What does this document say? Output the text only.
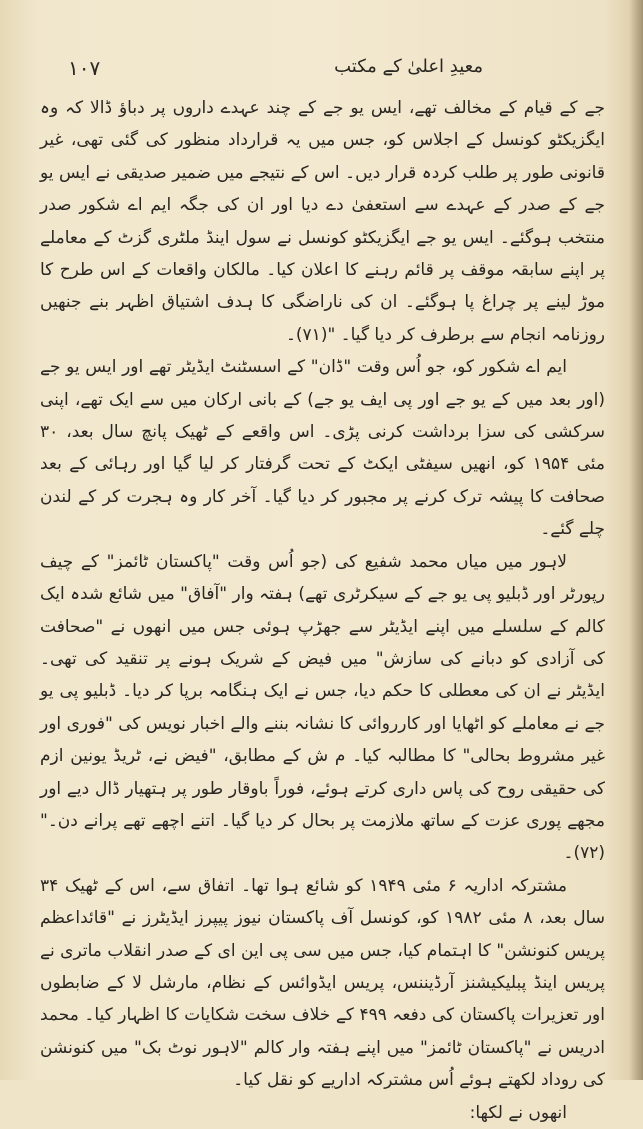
۱۰۷	معیدِ اعلیٰ کے مکتب

جے کے قیام کے مخالف تھے، ایس یو جے کے چند عہدے داروں پر دباؤ ڈالا کہ وہ ایگزیکٹو کونسل کے اجلاس کو، جس میں یہ قرارداد منظور کی گئی تھی، غیر قانونی طور پر طلب کردہ قرار دیں۔ اس کے نتیجے میں ضمیر صدیقی نے ایس یو جے کے صدر کے عہدے سے استعفیٰ دے دیا اور ان کی جگہ ایم اے شکور صدر منتخب ہوگئے۔ ایس یو جے ایگزیکٹو کونسل نے سول اینڈ ملٹری گزٹ کے معاملے پر اپنے سابقہ موقف پر قائم رہنے کا اعلان کیا۔ مالکان واقعات کے اس طرح کا موڑ لینے پر چراغ پا ہوگئے۔ ان کی ناراضگی کا ہدف اشتیاق اظہر بنے جنھیں روزنامہ انجام سے برطرف کر دیا گیا۔ "(۷۱)۔

ایم اے شکور کو، جو اُس وقت "ڈان" کے اسسٹنٹ ایڈیٹر تھے اور ایس یو جے (اور بعد میں کے یو جے اور پی ایف یو جے) کے بانی ارکان میں سے ایک تھے، اپنی سرکشی کی سزا برداشت کرنی پڑی۔ اس واقعے کے ٹھیک پانچ سال بعد، ۳۰ مئی ۱۹۵۴ کو، انھیں سیفٹی ایکٹ کے تحت گرفتار کر لیا گیا اور رہائی کے بعد صحافت کا پیشہ ترک کرنے پر مجبور کر دیا گیا۔ آخر کار وہ ہجرت کر کے لندن چلے گئے۔

لاہور میں میاں محمد شفیع کی (جو اُس وقت "پاکستان ٹائمز" کے چیف رپورٹر اور ڈبلیو پی یو جے کے سیکرٹری تھے) ہفتہ وار "آفاق" میں شائع شدہ ایک کالم کے سلسلے میں اپنے ایڈیٹر سے جھڑپ ہوئی جس میں انھوں نے "صحافت کی آزادی کو دبانے کی سازش" میں فیض کے شریک ہونے پر تنقید کی تھی۔ ایڈیٹر نے ان کی معطلی کا حکم دیا، جس نے ایک ہنگامہ برپا کر دیا۔ ڈبلیو پی یو جے نے معاملے کو اٹھایا اور کارروائی کا نشانہ بننے والے اخبار نویس کی "فوری اور غیر مشروط بحالی" کا مطالبہ کیا۔ م ش کے مطابق، "فیض نے، ٹریڈ یونین ازم کی حقیقی روح کی پاس داری کرتے ہوئے، فوراً باوقار طور پر ہتھیار ڈال دیے اور مجھے پوری عزت کے ساتھ ملازمت پر بحال کر دیا گیا۔ اتنے اچھے تھے پرانے دن۔" (۷۲)۔

مشترکہ اداریہ ۶ مئی ۱۹۴۹ کو شائع ہوا تھا۔ اتفاق سے، اس کے ٹھیک ۳۴ سال بعد، ۸ مئی ۱۹۸۲ کو، کونسل آف پاکستان نیوز پیپرز ایڈیٹرز نے "قائداعظم پریس کنونشن" کا اہتمام کیا، جس میں سی پی این ای کے صدر انقلاب ماتری نے پریس اینڈ پبلیکیشنز آرڈیننس، پریس ایڈوائس کے نظام، مارشل لا کے ضابطوں اور تعزیرات پاکستان کی دفعہ ۴۹۹ کے خلاف سخت شکایات کا اظہار کیا۔ محمد ادریس نے "پاکستان ٹائمز" میں اپنے ہفتہ وار کالم "لاہور نوٹ بک" میں کنونشن کی روداد لکھتے ہوئے اُس مشترکہ اداریے کو نقل کیا۔

انھوں نے لکھا:
